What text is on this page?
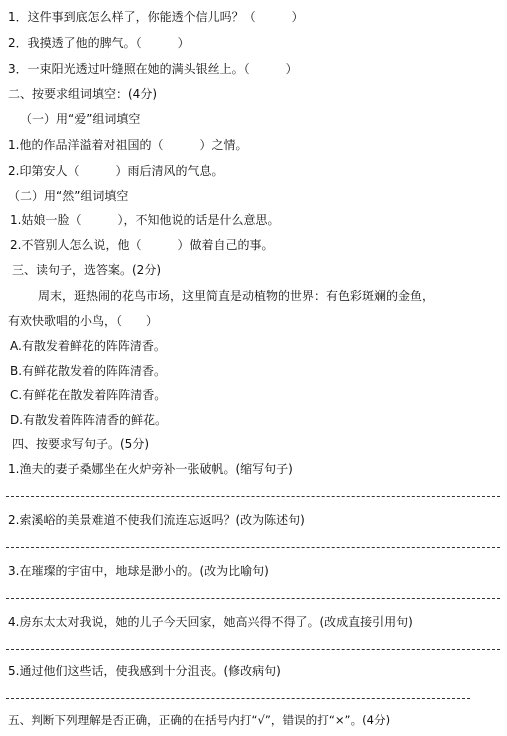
1．这件事到底怎么样了，你能透个信儿吗？（　　　）
2．我摸透了他的脾气。（　　　）
3．一束阳光透过叶缝照在她的满头银丝上。（　　　）
二、按要求组词填空：(4分)
（一）用“爱”组词填空
1.他的作品洋溢着对祖国的（　　　）之情。
2.印第安人（　　　）雨后清风的气息。
（二）用“然”组词填空
1.姑娘一脸（　　　），不知他说的话是什么意思。
2.不管别人怎么说，他（　　　）做着自己的事。
三、读句子，选答案。(2分)
周末，逛热闹的花鸟市场，这里简直是动植物的世界：有色彩斑斓的金鱼，
有欢快歌唱的小鸟，（　　）
A.有散发着鲜花的阵阵清香。
B.有鲜花散发着的阵阵清香。
C.有鲜花在散发着阵阵清香。
D.有散发着阵阵清香的鲜花。
四、按要求写句子。(5分)
1.渔夫的妻子桑娜坐在火炉旁补一张破帆。(缩写句子)
2.索溪峪的美景难道不使我们流连忘返吗？(改为陈述句)
3.在璀璨的宇宙中，地球是渺小的。(改为比喻句)
4.房东太太对我说，她的儿子今天回家，她高兴得不得了。(改成直接引用句)
5.通过他们这些话，使我感到十分沮丧。(修改病句)
五、判断下列理解是否正确，正确的在括号内打“√”，错误的打“×”。(4分)
